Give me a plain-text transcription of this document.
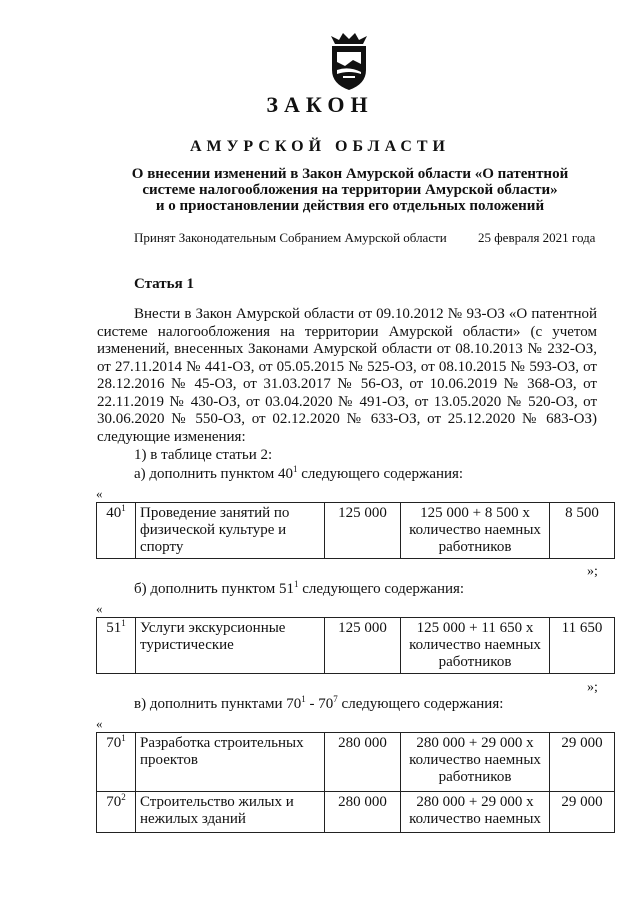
ЗАКОН
АМУРСКОЙ ОБЛАСТИ
О внесении изменений в Закон Амурской области «О патентной
системе налогообложения на территории Амурской области»
и о приостановлении действия его отдельных положений
Принят Законодательным Собранием Амурской области 25 февраля 2021 года
Статья 1

Внести в Закон Амурской области от 09.10.2012 № 93-ОЗ «О патентной системе налогообложения на территории Амурской области» (с учетом изменений, внесенных Законами Амурской области от 08.10.2013 № 232-ОЗ, от 27.11.2014 № 441-ОЗ, от 05.05.2015 № 525-ОЗ, от 08.10.2015 № 593-ОЗ, от 28.12.2016 № 45-ОЗ, от 31.03.2017 № 56-ОЗ, от 10.06.2019 № 368-ОЗ, от 22.11.2019 № 430-ОЗ, от 03.04.2020 № 491-ОЗ, от 13.05.2020 № 520-ОЗ, от 30.06.2020 № 550-ОЗ, от 02.12.2020 № 633-ОЗ, от 25.12.2020 № 683-ОЗ) следующие изменения:

1) в таблице статьи 2:
а) дополнить пунктом $40^1$ следующего содержания:
«
$40^1$	Проведение занятий по физической культуре и спорту	125 000	125 000 + 8 500 x количество наемных работников	8 500
»;
б) дополнить пунктом $51^1$ следующего содержания:
«
$51^1$	Услуги экскурсионные туристические	125 000	125 000 + 11 650 x количество наемных работников	11 650
»;
в) дополнить пунктами $70^1 - 70^7$ следующего содержания:
«
$70^1$	Разработка строительных проектов	280 000	280 000 + 29 000 x количество наемных работников	29 000
$70^2$	Строительство жилых и нежилых зданий	280 000	280 000 + 29 000 x количество наемных	29 000
